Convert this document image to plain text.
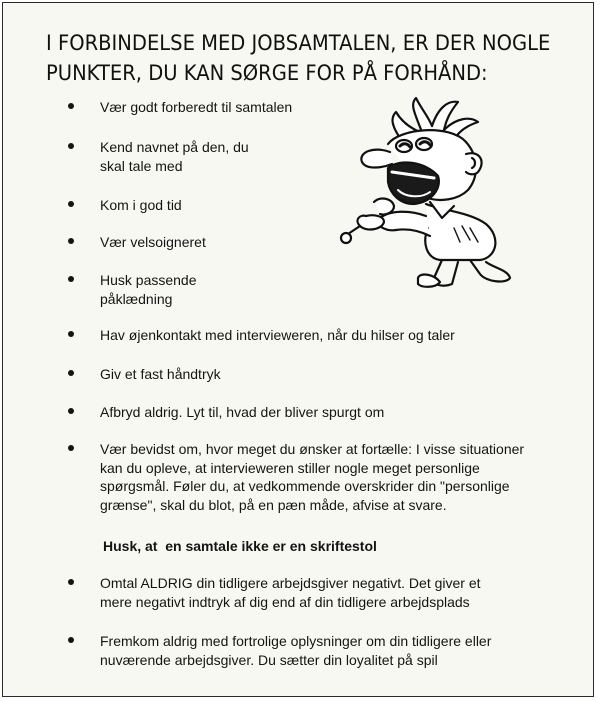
I FORBINDELSE MED JOBSAMTALEN, ER DER NOGLE
PUNKTER, DU KAN SØRGE FOR PÅ FORHÅND:
Vær godt forberedt til samtalen
Kend navnet på den, du
skal tale med
Kom i god tid
Vær velsoigneret
Husk passende
påklædning
Hav øjenkontakt med intervieweren, når du hilser og taler
Giv et fast håndtryk
Afbryd aldrig. Lyt til, hvad der bliver spurgt om
Vær bevidst om, hvor meget du ønsker at fortælle: I visse situationer
kan du opleve, at intervieweren stiller nogle meget personlige
spørgsmål. Føler du, at vedkommende overskrider din "personlige
grænse", skal du blot, på en pæn måde, afvise at svare.
Husk, at  en samtale ikke er en skriftestol
Omtal ALDRIG din tidligere arbejdsgiver negativt. Det giver et
mere negativt indtryk af dig end af din tidligere arbejdsplads
Fremkom aldrig med fortrolige oplysninger om din tidligere eller
nuværende arbejdsgiver. Du sætter din loyalitet på spil
